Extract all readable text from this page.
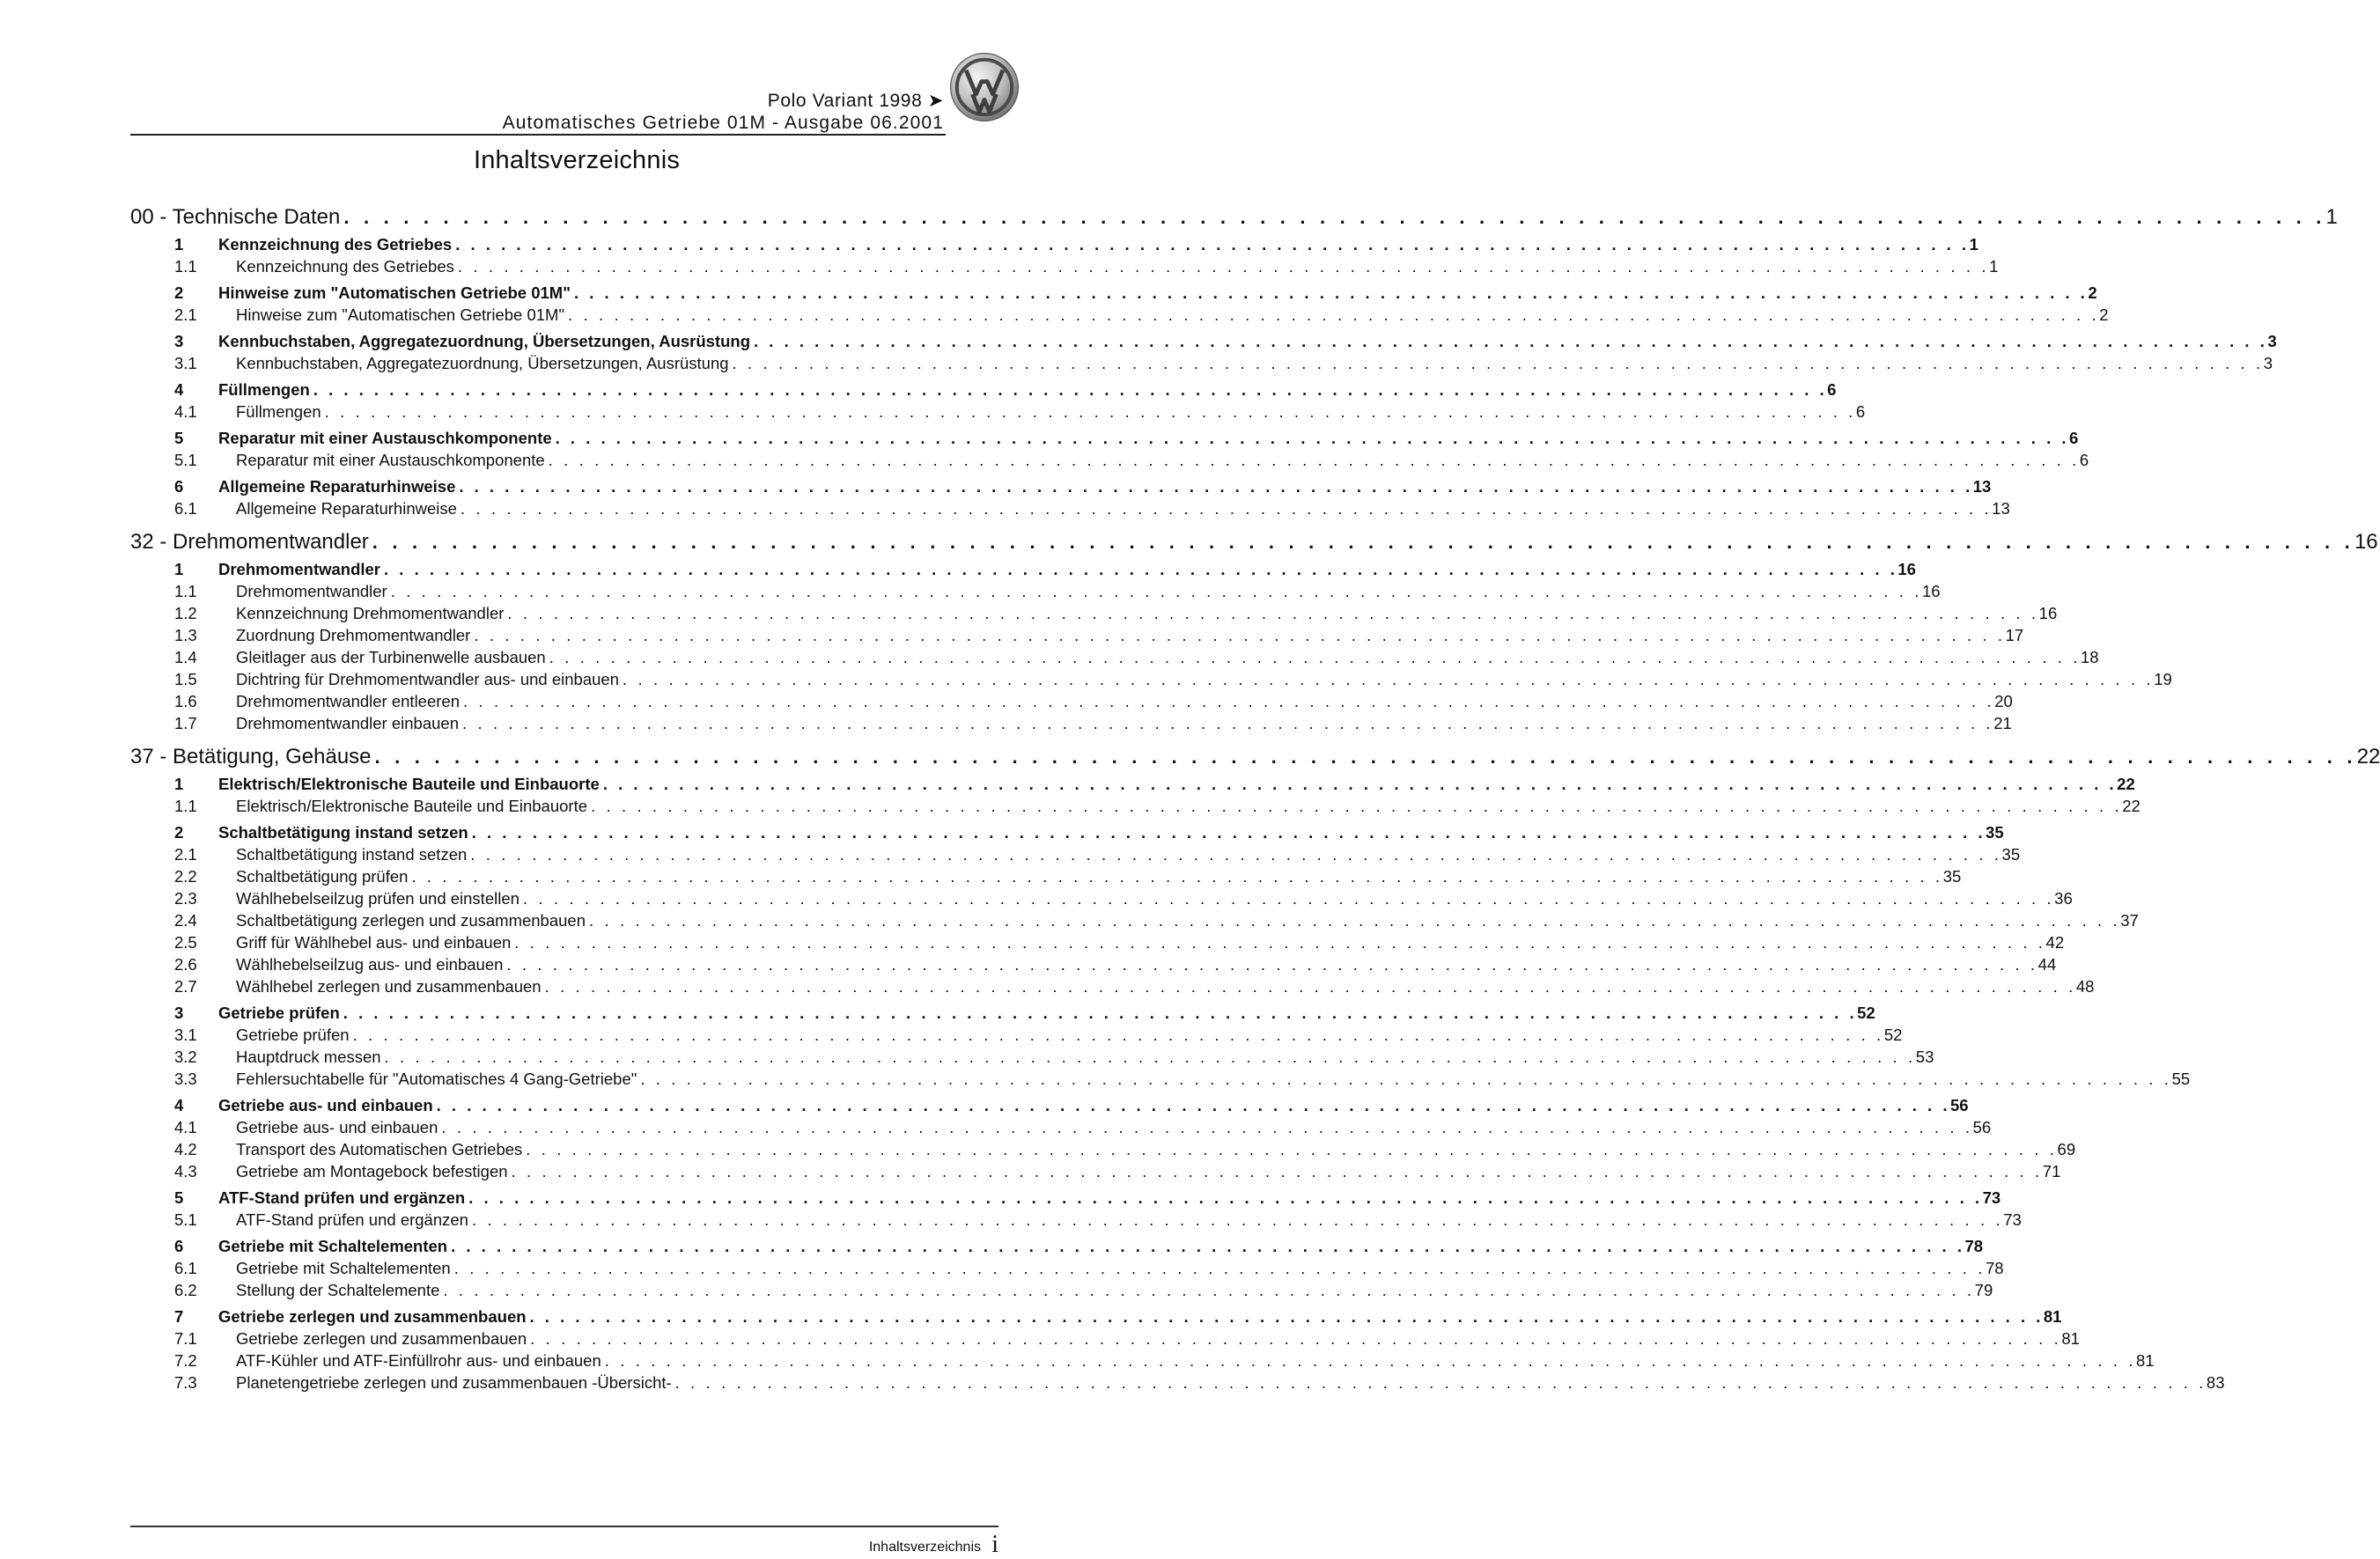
Polo Variant 1998 ➤
Automatisches Getriebe 01M - Ausgabe 06.2001
Inhaltsverzeichnis
00 - Technische Daten . . . . . . . . . . . . . . . . . . . . . . . . . . . . . . . . . . . . . . . . . . . . . . . . . . . . . . . . . . . . . . . . . . . . . . . . . . . . . . . . . . . . . . . . . . . . . . . . . . . . 1
1	Kennzeichnung des Getriebes . . . . . . . . . . . . . . . . . . . . . . . . . . . . . . . . . . . . . . . . . . . . . . . . . . . . . . . . . . . . . . . . . . . . . . . . . . . . . . . . . . . . . . . . . . . . . . . . . . . . 1
1.1	Kennzeichnung des Getriebes . . . . . . . . . . . . . . . . . . . . . . . . . . . . . . . . . . . . . . . . . . . . . . . . . . . . . . . . . . . . . . . . . . . . . . . . . . . . . . . . . . . . . . . . . . . . . . . . . . . . 1
2	Hinweise zum "Automatischen Getriebe 01M" . . . . . . . . . . . . . . . . . . . . . . . . . . . . . . . . . . . . . . . . . . . . . . . . . . . . . . . . . . . . . . . . . . . . . . . . . . . . . . . . . . . . . . . . . . . . . . . . . . . . 2
2.1	Hinweise zum "Automatischen Getriebe 01M" . . . . . . . . . . . . . . . . . . . . . . . . . . . . . . . . . . . . . . . . . . . . . . . . . . . . . . . . . . . . . . . . . . . . . . . . . . . . . . . . . . . . . . . . . . . . . . . . . . . . 2
3	Kennbuchstaben, Aggregatezuordnung, Übersetzungen, Ausrüstung . . . . . . . . . . . . . . . . . . . . . . . . . . . . . . . . . . . . . . . . . . . . . . . . . . . . . . . . . . . . . . . . . . . . . . . . . . . . . . . . . . . . . . . . . . . . . . . . . . . . 3
3.1	Kennbuchstaben, Aggregatezuordnung, Übersetzungen, Ausrüstung . . . . . . . . . . . . . . . . . . . . . . . . . . . . . . . . . . . . . . . . . . . . . . . . . . . . . . . . . . . . . . . . . . . . . . . . . . . . . . . . . . . . . . . . . . . . . . . . . . . . 3
4	Füllmengen . . . . . . . . . . . . . . . . . . . . . . . . . . . . . . . . . . . . . . . . . . . . . . . . . . . . . . . . . . . . . . . . . . . . . . . . . . . . . . . . . . . . . . . . . . . . . . . . . . . . 6
4.1	Füllmengen . . . . . . . . . . . . . . . . . . . . . . . . . . . . . . . . . . . . . . . . . . . . . . . . . . . . . . . . . . . . . . . . . . . . . . . . . . . . . . . . . . . . . . . . . . . . . . . . . . . . 6
5	Reparatur mit einer Austauschkomponente . . . . . . . . . . . . . . . . . . . . . . . . . . . . . . . . . . . . . . . . . . . . . . . . . . . . . . . . . . . . . . . . . . . . . . . . . . . . . . . . . . . . . . . . . . . . . . . . . . . . 6
5.1	Reparatur mit einer Austauschkomponente . . . . . . . . . . . . . . . . . . . . . . . . . . . . . . . . . . . . . . . . . . . . . . . . . . . . . . . . . . . . . . . . . . . . . . . . . . . . . . . . . . . . . . . . . . . . . . . . . . . . 6
6	Allgemeine Reparaturhinweise . . . . . . . . . . . . . . . . . . . . . . . . . . . . . . . . . . . . . . . . . . . . . . . . . . . . . . . . . . . . . . . . . . . . . . . . . . . . . . . . . . . . . . . . . . . . . . . . . . . . 13
6.1	Allgemeine Reparaturhinweise . . . . . . . . . . . . . . . . . . . . . . . . . . . . . . . . . . . . . . . . . . . . . . . . . . . . . . . . . . . . . . . . . . . . . . . . . . . . . . . . . . . . . . . . . . . . . . . . . . . . 13
32 - Drehmomentwandler . . . . . . . . . . . . . . . . . . . . . . . . . . . . . . . . . . . . . . . . . . . . . . . . . . . . . . . . . . . . . . . . . . . . . . . . . . . . . . . . . . . . . . . . . . . . . . . . . . . . 16
1	Drehmomentwandler . . . . . . . . . . . . . . . . . . . . . . . . . . . . . . . . . . . . . . . . . . . . . . . . . . . . . . . . . . . . . . . . . . . . . . . . . . . . . . . . . . . . . . . . . . . . . . . . . . . . 16
1.1	Drehmomentwandler . . . . . . . . . . . . . . . . . . . . . . . . . . . . . . . . . . . . . . . . . . . . . . . . . . . . . . . . . . . . . . . . . . . . . . . . . . . . . . . . . . . . . . . . . . . . . . . . . . . . 16
1.2	Kennzeichnung Drehmomentwandler . . . . . . . . . . . . . . . . . . . . . . . . . . . . . . . . . . . . . . . . . . . . . . . . . . . . . . . . . . . . . . . . . . . . . . . . . . . . . . . . . . . . . . . . . . . . . . . . . . . . 16
1.3	Zuordnung Drehmomentwandler . . . . . . . . . . . . . . . . . . . . . . . . . . . . . . . . . . . . . . . . . . . . . . . . . . . . . . . . . . . . . . . . . . . . . . . . . . . . . . . . . . . . . . . . . . . . . . . . . . . . 17
1.4	Gleitlager aus der Turbinenwelle ausbauen . . . . . . . . . . . . . . . . . . . . . . . . . . . . . . . . . . . . . . . . . . . . . . . . . . . . . . . . . . . . . . . . . . . . . . . . . . . . . . . . . . . . . . . . . . . . . . . . . . . . 18
1.5	Dichtring für Drehmomentwandler aus- und einbauen . . . . . . . . . . . . . . . . . . . . . . . . . . . . . . . . . . . . . . . . . . . . . . . . . . . . . . . . . . . . . . . . . . . . . . . . . . . . . . . . . . . . . . . . . . . . . . . . . . . . 19
1.6	Drehmomentwandler entleeren . . . . . . . . . . . . . . . . . . . . . . . . . . . . . . . . . . . . . . . . . . . . . . . . . . . . . . . . . . . . . . . . . . . . . . . . . . . . . . . . . . . . . . . . . . . . . . . . . . . . 20
1.7	Drehmomentwandler einbauen . . . . . . . . . . . . . . . . . . . . . . . . . . . . . . . . . . . . . . . . . . . . . . . . . . . . . . . . . . . . . . . . . . . . . . . . . . . . . . . . . . . . . . . . . . . . . . . . . . . . 21
37 - Betätigung, Gehäuse . . . . . . . . . . . . . . . . . . . . . . . . . . . . . . . . . . . . . . . . . . . . . . . . . . . . . . . . . . . . . . . . . . . . . . . . . . . . . . . . . . . . . . . . . . . . . . . . . . . . 22
1	Elektrisch/Elektronische Bauteile und Einbauorte . . . . . . . . . . . . . . . . . . . . . . . . . . . . . . . . . . . . . . . . . . . . . . . . . . . . . . . . . . . . . . . . . . . . . . . . . . . . . . . . . . . . . . . . . . . . . . . . . . . . 22
1.1	Elektrisch/Elektronische Bauteile und Einbauorte . . . . . . . . . . . . . . . . . . . . . . . . . . . . . . . . . . . . . . . . . . . . . . . . . . . . . . . . . . . . . . . . . . . . . . . . . . . . . . . . . . . . . . . . . . . . . . . . . . . . 22
2	Schaltbetätigung instand setzen . . . . . . . . . . . . . . . . . . . . . . . . . . . . . . . . . . . . . . . . . . . . . . . . . . . . . . . . . . . . . . . . . . . . . . . . . . . . . . . . . . . . . . . . . . . . . . . . . . . . 35
2.1	Schaltbetätigung instand setzen . . . . . . . . . . . . . . . . . . . . . . . . . . . . . . . . . . . . . . . . . . . . . . . . . . . . . . . . . . . . . . . . . . . . . . . . . . . . . . . . . . . . . . . . . . . . . . . . . . . . 35
2.2	Schaltbetätigung prüfen . . . . . . . . . . . . . . . . . . . . . . . . . . . . . . . . . . . . . . . . . . . . . . . . . . . . . . . . . . . . . . . . . . . . . . . . . . . . . . . . . . . . . . . . . . . . . . . . . . . . 35
2.3	Wählhebelseilzug prüfen und einstellen . . . . . . . . . . . . . . . . . . . . . . . . . . . . . . . . . . . . . . . . . . . . . . . . . . . . . . . . . . . . . . . . . . . . . . . . . . . . . . . . . . . . . . . . . . . . . . . . . . . . 36
2.4	Schaltbetätigung zerlegen und zusammenbauen . . . . . . . . . . . . . . . . . . . . . . . . . . . . . . . . . . . . . . . . . . . . . . . . . . . . . . . . . . . . . . . . . . . . . . . . . . . . . . . . . . . . . . . . . . . . . . . . . . . . 37
2.5	Griff für Wählhebel aus- und einbauen . . . . . . . . . . . . . . . . . . . . . . . . . . . . . . . . . . . . . . . . . . . . . . . . . . . . . . . . . . . . . . . . . . . . . . . . . . . . . . . . . . . . . . . . . . . . . . . . . . . . 42
2.6	Wählhebelseilzug aus- und einbauen . . . . . . . . . . . . . . . . . . . . . . . . . . . . . . . . . . . . . . . . . . . . . . . . . . . . . . . . . . . . . . . . . . . . . . . . . . . . . . . . . . . . . . . . . . . . . . . . . . . . 44
2.7	Wählhebel zerlegen und zusammenbauen . . . . . . . . . . . . . . . . . . . . . . . . . . . . . . . . . . . . . . . . . . . . . . . . . . . . . . . . . . . . . . . . . . . . . . . . . . . . . . . . . . . . . . . . . . . . . . . . . . . . 48
3	Getriebe prüfen . . . . . . . . . . . . . . . . . . . . . . . . . . . . . . . . . . . . . . . . . . . . . . . . . . . . . . . . . . . . . . . . . . . . . . . . . . . . . . . . . . . . . . . . . . . . . . . . . . . . 52
3.1	Getriebe prüfen . . . . . . . . . . . . . . . . . . . . . . . . . . . . . . . . . . . . . . . . . . . . . . . . . . . . . . . . . . . . . . . . . . . . . . . . . . . . . . . . . . . . . . . . . . . . . . . . . . . . 52
3.2	Hauptdruck messen . . . . . . . . . . . . . . . . . . . . . . . . . . . . . . . . . . . . . . . . . . . . . . . . . . . . . . . . . . . . . . . . . . . . . . . . . . . . . . . . . . . . . . . . . . . . . . . . . . . . 53
3.3	Fehlersuchtabelle für "Automatisches 4 Gang-Getriebe" . . . . . . . . . . . . . . . . . . . . . . . . . . . . . . . . . . . . . . . . . . . . . . . . . . . . . . . . . . . . . . . . . . . . . . . . . . . . . . . . . . . . . . . . . . . . . . . . . . . . 55
4	Getriebe aus- und einbauen . . . . . . . . . . . . . . . . . . . . . . . . . . . . . . . . . . . . . . . . . . . . . . . . . . . . . . . . . . . . . . . . . . . . . . . . . . . . . . . . . . . . . . . . . . . . . . . . . . . . 56
4.1	Getriebe aus- und einbauen . . . . . . . . . . . . . . . . . . . . . . . . . . . . . . . . . . . . . . . . . . . . . . . . . . . . . . . . . . . . . . . . . . . . . . . . . . . . . . . . . . . . . . . . . . . . . . . . . . . . 56
4.2	Transport des Automatischen Getriebes . . . . . . . . . . . . . . . . . . . . . . . . . . . . . . . . . . . . . . . . . . . . . . . . . . . . . . . . . . . . . . . . . . . . . . . . . . . . . . . . . . . . . . . . . . . . . . . . . . . . 69
4.3	Getriebe am Montagebock befestigen . . . . . . . . . . . . . . . . . . . . . . . . . . . . . . . . . . . . . . . . . . . . . . . . . . . . . . . . . . . . . . . . . . . . . . . . . . . . . . . . . . . . . . . . . . . . . . . . . . . . 71
5	ATF-Stand prüfen und ergänzen . . . . . . . . . . . . . . . . . . . . . . . . . . . . . . . . . . . . . . . . . . . . . . . . . . . . . . . . . . . . . . . . . . . . . . . . . . . . . . . . . . . . . . . . . . . . . . . . . . . . 73
5.1	ATF-Stand prüfen und ergänzen . . . . . . . . . . . . . . . . . . . . . . . . . . . . . . . . . . . . . . . . . . . . . . . . . . . . . . . . . . . . . . . . . . . . . . . . . . . . . . . . . . . . . . . . . . . . . . . . . . . . 73
6	Getriebe mit Schaltelementen . . . . . . . . . . . . . . . . . . . . . . . . . . . . . . . . . . . . . . . . . . . . . . . . . . . . . . . . . . . . . . . . . . . . . . . . . . . . . . . . . . . . . . . . . . . . . . . . . . . . 78
6.1	Getriebe mit Schaltelementen . . . . . . . . . . . . . . . . . . . . . . . . . . . . . . . . . . . . . . . . . . . . . . . . . . . . . . . . . . . . . . . . . . . . . . . . . . . . . . . . . . . . . . . . . . . . . . . . . . . . 78
6.2	Stellung der Schaltelemente . . . . . . . . . . . . . . . . . . . . . . . . . . . . . . . . . . . . . . . . . . . . . . . . . . . . . . . . . . . . . . . . . . . . . . . . . . . . . . . . . . . . . . . . . . . . . . . . . . . . 79
7	Getriebe zerlegen und zusammenbauen . . . . . . . . . . . . . . . . . . . . . . . . . . . . . . . . . . . . . . . . . . . . . . . . . . . . . . . . . . . . . . . . . . . . . . . . . . . . . . . . . . . . . . . . . . . . . . . . . . . . 81
7.1	Getriebe zerlegen und zusammenbauen . . . . . . . . . . . . . . . . . . . . . . . . . . . . . . . . . . . . . . . . . . . . . . . . . . . . . . . . . . . . . . . . . . . . . . . . . . . . . . . . . . . . . . . . . . . . . . . . . . . . 81
7.2	ATF-Kühler und ATF-Einfüllrohr aus- und einbauen . . . . . . . . . . . . . . . . . . . . . . . . . . . . . . . . . . . . . . . . . . . . . . . . . . . . . . . . . . . . . . . . . . . . . . . . . . . . . . . . . . . . . . . . . . . . . . . . . . . . 81
7.3	Planetengetriebe zerlegen und zusammenbauen -Übersicht- . . . . . . . . . . . . . . . . . . . . . . . . . . . . . . . . . . . . . . . . . . . . . . . . . . . . . . . . . . . . . . . . . . . . . . . . . . . . . . . . . . . . . . . . . . . . . . . . . . . . 83
Inhaltsverzeichnis i
